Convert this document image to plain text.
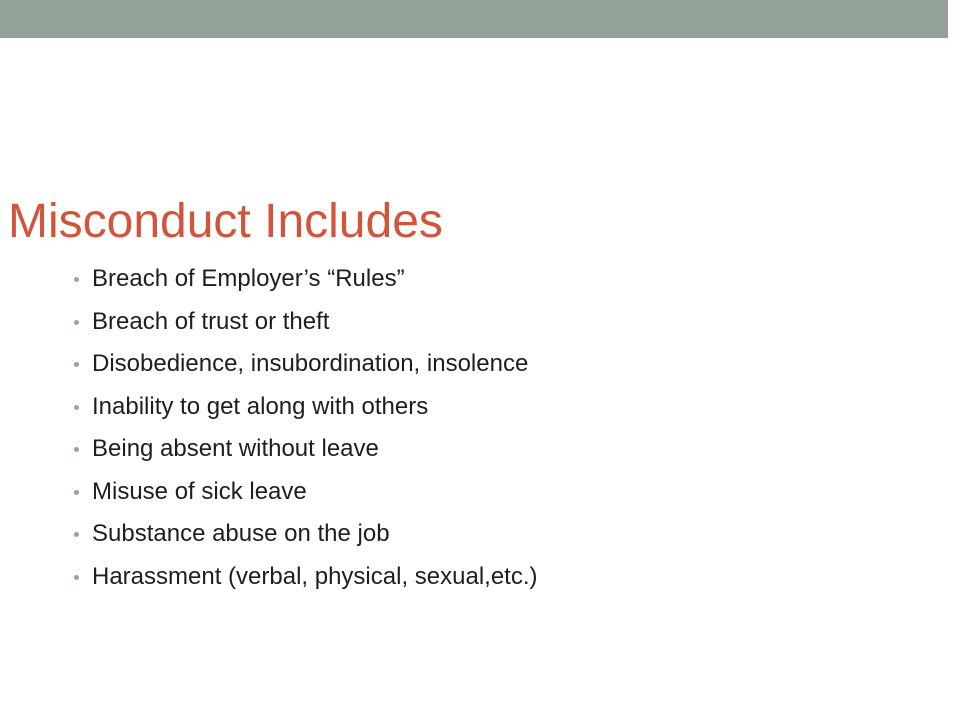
Misconduct Includes
Breach of Employer’s “Rules”
Breach of trust or theft
Disobedience, insubordination, insolence
Inability to get along with others
Being absent without leave
Misuse of sick leave
Substance abuse on the job
Harassment (verbal, physical, sexual,etc.)
